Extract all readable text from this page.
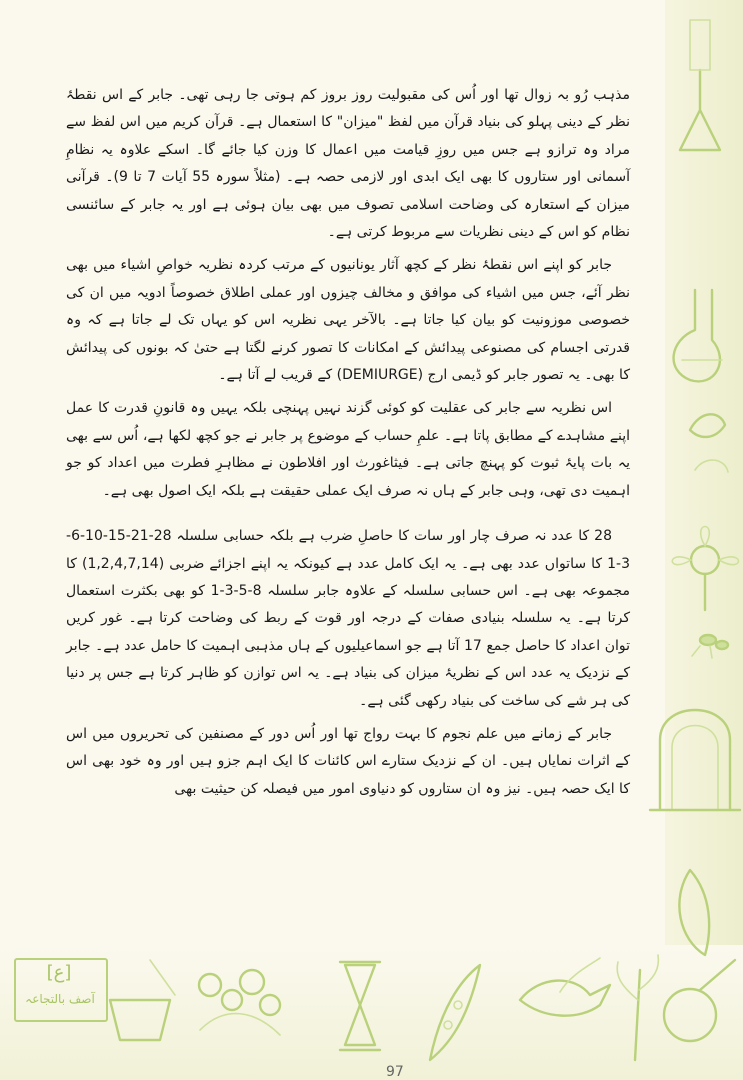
[ع]
آصف بالتجاعہ

مذہب رُو بہ زوال تھا اور اُس کی مقبولیت روز بروز کم ہوتی جا رہی تھی۔ جابر کے اس نقطۂ نظر کے دینی پہلو کی بنیاد قرآن میں لفظ "میزان" کا استعمال ہے۔ قرآن کریم میں اس لفظ سے مراد وہ ترازو ہے جس میں روزِ قیامت میں اعمال کا وزن کیا جائے گا۔ اسکے علاوہ یہ نظامِ آسمانی اور ستاروں کا بھی ایک ابدی اور لازمی حصہ ہے۔ (مثلاً سورہ 55 آیات 7 تا 9)۔ قرآنی میزان کے استعارہ کی وضاحت اسلامی تصوف میں بھی بیان ہوئی ہے اور یہ جابر کے سائنسی نظام کو اس کے دینی نظریات سے مربوط کرتی ہے۔

جابر کو اپنے اس نقطۂ نظر کے کچھ آثار یونانیوں کے مرتب کردہ نظریہ خواصِ اشیاء میں بھی نظر آئے، جس میں اشیاء کی موافق و مخالف چیزوں اور عملی اطلاق خصوصاً ادویہ میں ان کی خصوصی موزونیت کو بیان کیا جاتا ہے۔ بالآخر یہی نظریہ اس کو یہاں تک لے جاتا ہے کہ وہ قدرتی اجسام کی مصنوعی پیدائش کے امکانات کا تصور کرنے لگتا ہے حتیٰ کہ بونوں کی پیدائش کا بھی۔ یہ تصور جابر کو ڈیمی ارج (DEMIURGE) کے قریب لے آتا ہے۔

اس نظریہ سے جابر کی عقلیت کو کوئی گزند نہیں پہنچی بلکہ یہیں وہ قانونِ قدرت کا عمل اپنے مشاہدے کے مطابق پاتا ہے۔ علمِ حساب کے موضوع پر جابر نے جو کچھ لکھا ہے، اُس سے بھی یہ بات پایۂ ثبوت کو پہنچ جاتی ہے۔ فیثاغورث اور افلاطون نے مظاہرِ فطرت میں اعداد کو جو اہمیت دی تھی، وہی جابر کے ہاں نہ صرف ایک عملی حقیقت ہے بلکہ ایک اصول بھی ہے۔

28 کا عدد نہ صرف چار اور سات کا حاصلِ ضرب ہے بلکہ حسابی سلسلہ 28-21-15-10-6-3-1 کا ساتواں عدد بھی ہے۔ یہ ایک کامل عدد ہے کیونکہ یہ اپنے اجزائے ضربی (1,2,4,7,14) کا مجموعہ بھی ہے۔ اس حسابی سلسلہ کے علاوہ جابر سلسلہ 8-5-3-1 کو بھی بکثرت استعمال کرتا ہے۔ یہ سلسلہ بنیادی صفات کے درجہ اور قوت کے ربط کی وضاحت کرتا ہے۔ غور کریں توان اعداد کا حاصل جمع 17 آتا ہے جو اسماعیلیوں کے ہاں مذہبی اہمیت کا حامل عدد ہے۔ جابر کے نزدیک یہ عدد اس کے نظریۂ میزان کی بنیاد ہے۔ یہ اس توازن کو ظاہر کرتا ہے جس پر دنیا کی ہر شے کی ساخت کی بنیاد رکھی گئی ہے۔

جابر کے زمانے میں علم نجوم کا بہت رواج تھا اور اُس دور کے مصنفین کی تحریروں میں اس کے اثرات نمایاں ہیں۔ ان کے نزدیک ستارے اس کائنات کا ایک اہم جزو ہیں اور وہ خود بھی اس کا ایک حصہ ہیں۔ نیز وہ ان ستاروں کو دنیاوی امور میں فیصلہ کن حیثیت بھی

97
